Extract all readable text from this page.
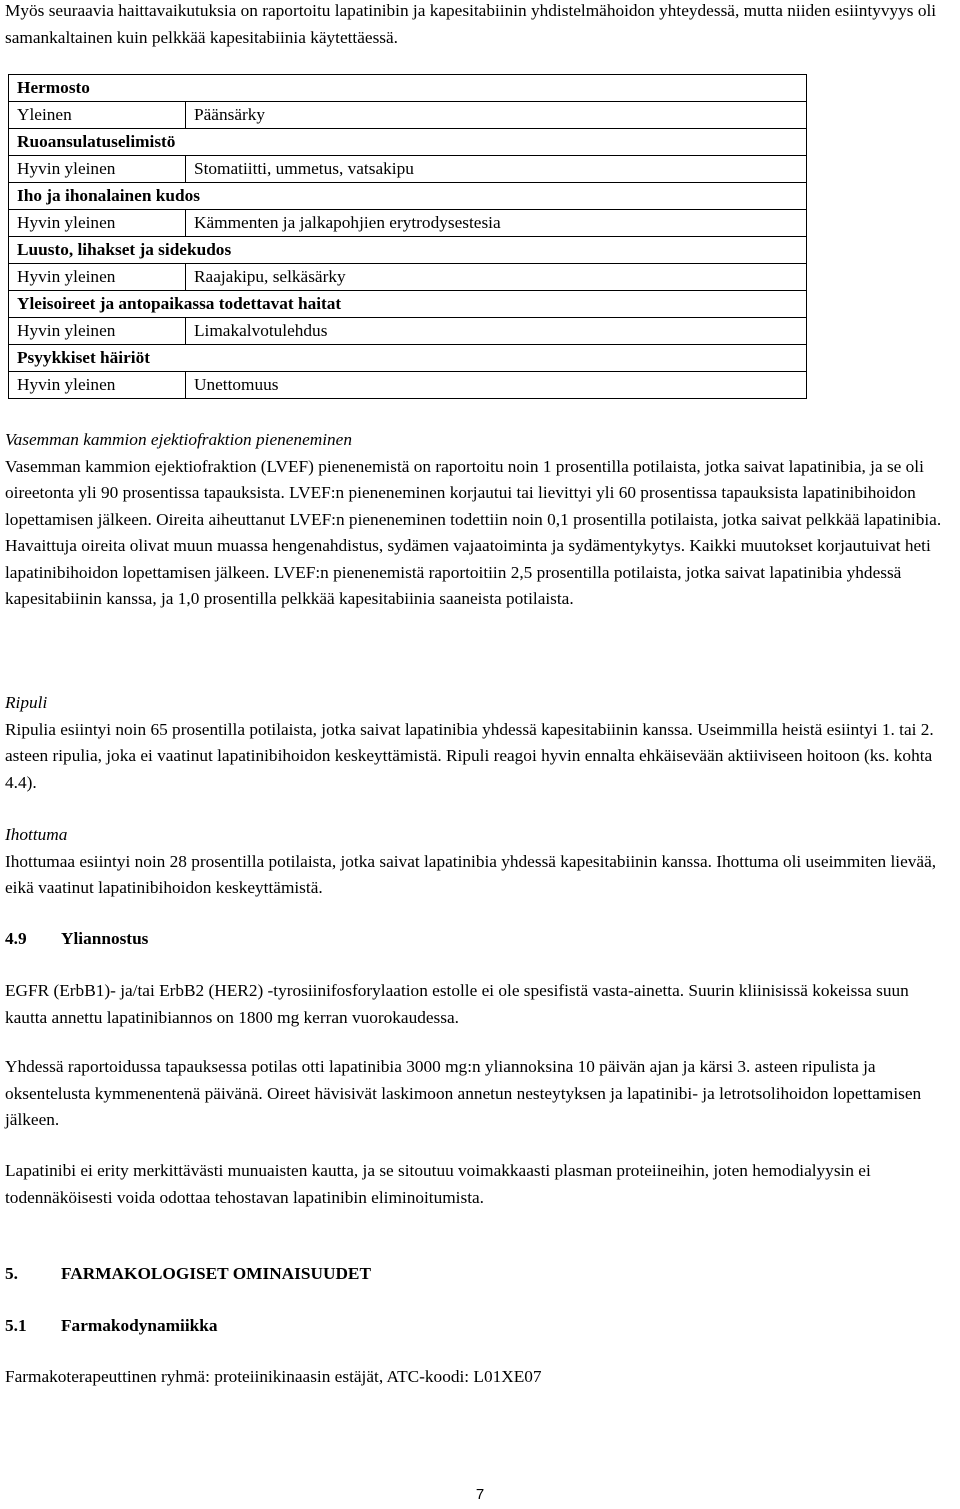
Myös seuraavia haittavaikutuksia on raportoitu lapatinibin ja kapesitabiinin yhdistelmähoidon yhteydessä, mutta niiden esiintyvyys oli samankaltainen kuin pelkkää kapesitabiinia käytettäessä.

Hermosto	
Yleinen	Päänsärky
Ruoansulatuselimistö	
Hyvin yleinen	Stomatiitti, ummetus, vatsakipu
Iho ja ihonalainen kudos	
Hyvin yleinen	Kämmenten ja jalkapohjien erytrodysestesia
Luusto, lihakset ja sidekudos	
Hyvin yleinen	Raajakipu, selkäsärky
Yleisoireet ja antopaikassa todettavat haitat	
Hyvin yleinen	Limakalvotulehdus
Psyykkiset häiriöt	
Hyvin yleinen	Unettomuus
Vasemman kammion ejektiofraktion pieneneminen
Vasemman kammion ejektiofraktion (LVEF) pienenemistä on raportoitu noin 1 prosentilla potilaista, jotka saivat lapatinibia, ja se oli oireetonta yli 90 prosentissa tapauksista. LVEF:n pieneneminen korjautui tai lievittyi yli 60 prosentissa tapauksista lapatinibihoidon lopettamisen jälkeen. Oireita aiheuttanut LVEF:n pieneneminen todettiin noin 0,1 prosentilla potilaista, jotka saivat pelkkää lapatinibia. Havaittuja oireita olivat muun muassa hengenahdistus, sydämen vajaatoiminta ja sydämentykytys. Kaikki muutokset korjautuivat heti lapatinibihoidon lopettamisen jälkeen. LVEF:n pienenemistä raportoitiin 2,5 prosentilla potilaista, jotka saivat lapatinibia yhdessä kapesitabiinin kanssa, ja 1,0 prosentilla pelkkää kapesitabiinia saaneista potilaista.
Ripuli
Ripulia esiintyi noin 65 prosentilla potilaista, jotka saivat lapatinibia yhdessä kapesitabiinin kanssa. Useimmilla heistä esiintyi 1. tai 2. asteen ripulia, joka ei vaatinut lapatinibihoidon keskeyttämistä. Ripuli reagoi hyvin ennalta ehkäisevään aktiiviseen hoitoon (ks. kohta 4.4).
Ihottuma
Ihottumaa esiintyi noin 28 prosentilla potilaista, jotka saivat lapatinibia yhdessä kapesitabiinin kanssa. Ihottuma oli useimmiten lievää, eikä vaatinut lapatinibihoidon keskeyttämistä.
4.9 Yliannostus
EGFR (ErbB1)- ja/tai ErbB2 (HER2) -tyrosiinifosforylaation estolle ei ole spesifistä vasta-ainetta. Suurin kliinisissä kokeissa suun kautta annettu lapatinibiannos on 1800 mg kerran vuorokaudessa.
Yhdessä raportoidussa tapauksessa potilas otti lapatinibia 3000 mg:n yliannoksina 10 päivän ajan ja kärsi 3. asteen ripulista ja oksentelusta kymmenentenä päivänä. Oireet hävisivät laskimoon annetun nesteytyksen ja lapatinibi- ja letrotsolihoidon lopettamisen jälkeen.
Lapatinibi ei erity merkittävästi munuaisten kautta, ja se sitoutuu voimakkaasti plasman proteiineihin, joten hemodialyysin ei todennäköisesti voida odottaa tehostavan lapatinibin eliminoitumista.
5. FARMAKOLOGISET OMINAISUUDET
5.1 Farmakodynamiikka
Farmakoterapeuttinen ryhmä: proteiinikinaasin estäjät, ATC-koodi: L01XE07
7
